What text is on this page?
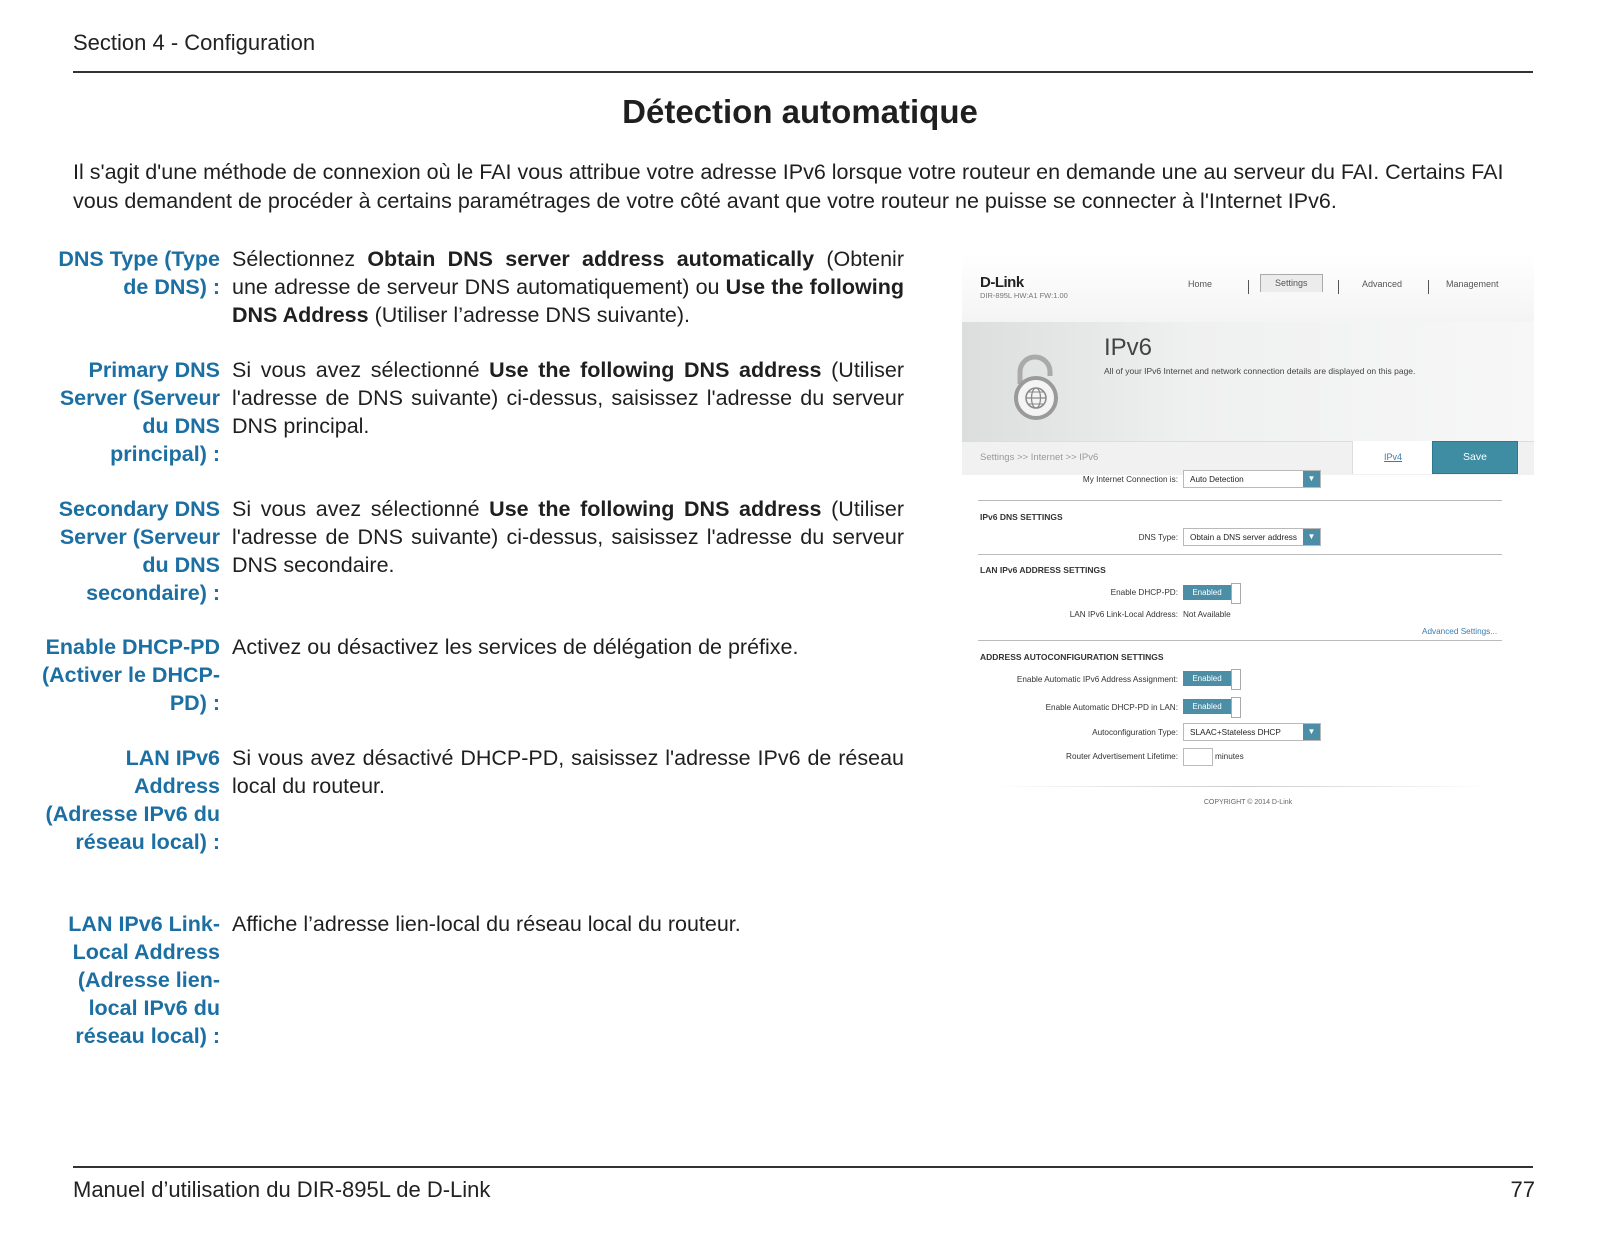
Section 4 - Configuration
Détection automatique
Il s'agit d'une méthode de connexion où le FAI vous attribue votre adresse IPv6 lorsque votre routeur en demande une au serveur du FAI. Certains FAI vous demandent de procéder à certains paramétrages de votre côté avant que votre routeur ne puisse se connecter à l'Internet IPv6.
DNS Type (Type de DNS) :
Sélectionnez Obtain DNS server address automatically (Obtenir une adresse de serveur DNS automatiquement) ou Use the following DNS Address (Utiliser l’adresse DNS suivante).
Primary DNS Server (Serveur du DNS principal) :
Si vous avez sélectionné Use the following DNS address (Utiliser l'adresse de DNS suivante) ci-dessus, saisissez l'adresse du serveur DNS principal.
Secondary DNS Server (Serveur du DNS secondaire) :
Si vous avez sélectionné Use the following DNS address (Utiliser l'adresse de DNS suivante) ci-dessus, saisissez l'adresse du serveur DNS secondaire.
Enable DHCP-PD (Activer le DHCP-PD) :
Activez ou désactivez les services de délégation de préfixe.
LAN IPv6 Address (Adresse IPv6 du réseau local) :
Si vous avez désactivé DHCP-PD, saisissez l'adresse IPv6 de réseau local du routeur.
LAN IPv6 Link-Local Address (Adresse lien-local IPv6 du réseau local) :
Affiche l’adresse lien-local du réseau local du routeur.
D-Link
DIR-895L HW:A1 FW:1.00
Home	Settings	Advanced	Management
IPv6
All of your IPv6 Internet and network connection details are displayed on this page.
Settings >> Internet >> IPv6	IPv4	Save
My Internet Connection is:	Auto Detection	▼
IPv6 DNS SETTINGS
DNS Type:	Obtain a DNS server address	▼
LAN IPv6 ADDRESS SETTINGS
Enable DHCP-PD:	Enabled
LAN IPv6 Link-Local Address: Not Available
Advanced Settings...
ADDRESS AUTOCONFIGURATION SETTINGS
Enable Automatic IPv6 Address Assignment:	Enabled
Enable Automatic DHCP-PD in LAN:	Enabled
Autoconfiguration Type:	SLAAC+Stateless DHCP	▼
Router Advertisement Lifetime:	minutes
COPYRIGHT © 2014 D-Link
Manuel d’utilisation du DIR-895L de D-Link	77
